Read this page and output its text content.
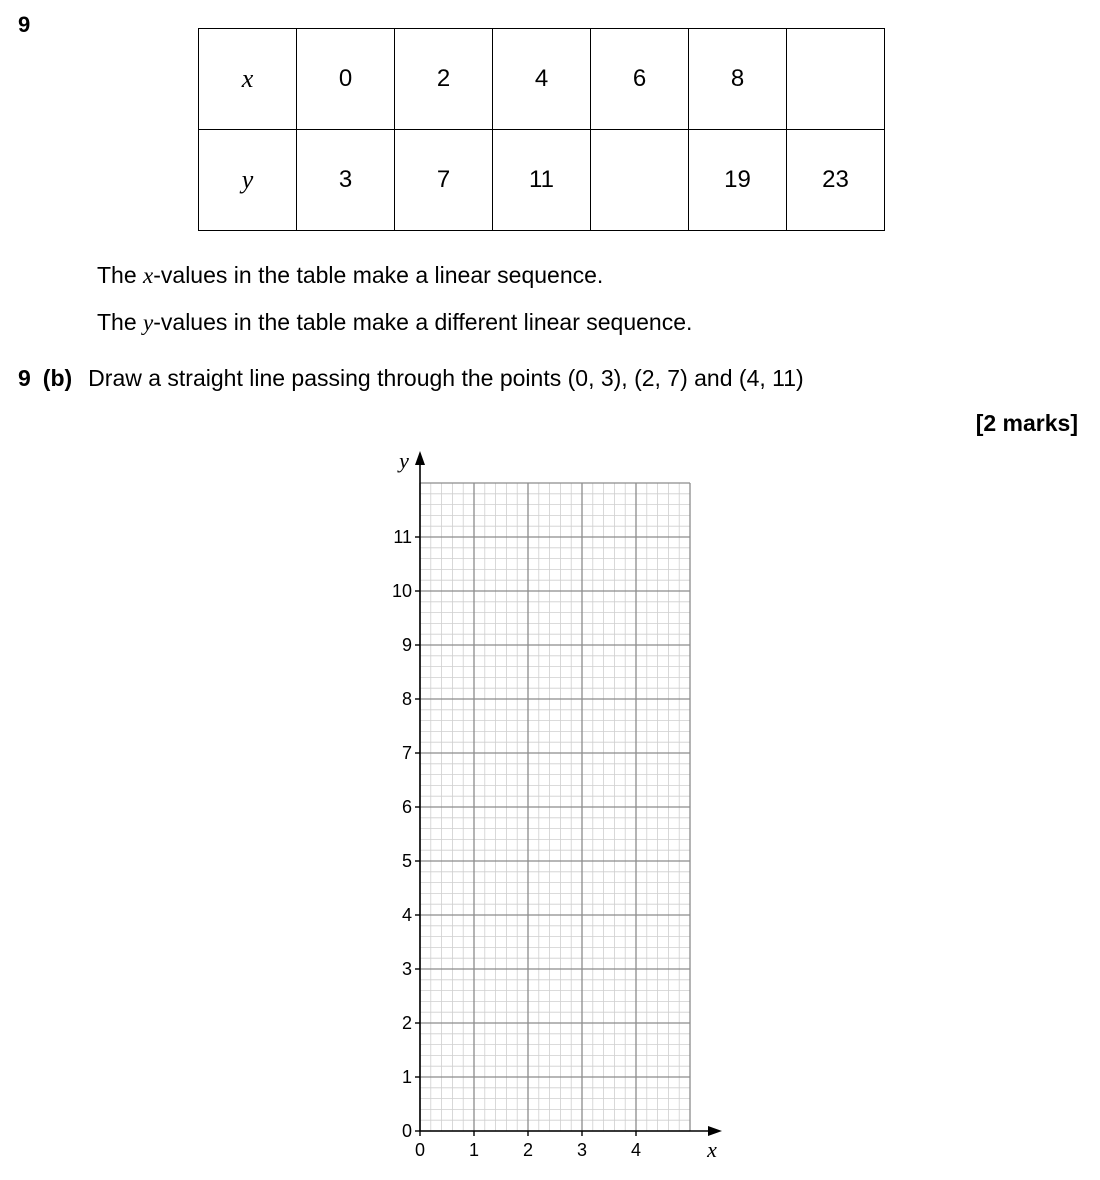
9
x	0	2	4	6	8	
y	3	7	11		19	23
The x-values in the table make a linear sequence.
The y-values in the table make a different linear sequence.
9 (b) Draw a straight line passing through the points (0, 3), (2, 7) and (4, 11)
[2 marks]
0
1
2
3
4
5
6
7
8
9
10
11
0 1 2 3 4	x
y
